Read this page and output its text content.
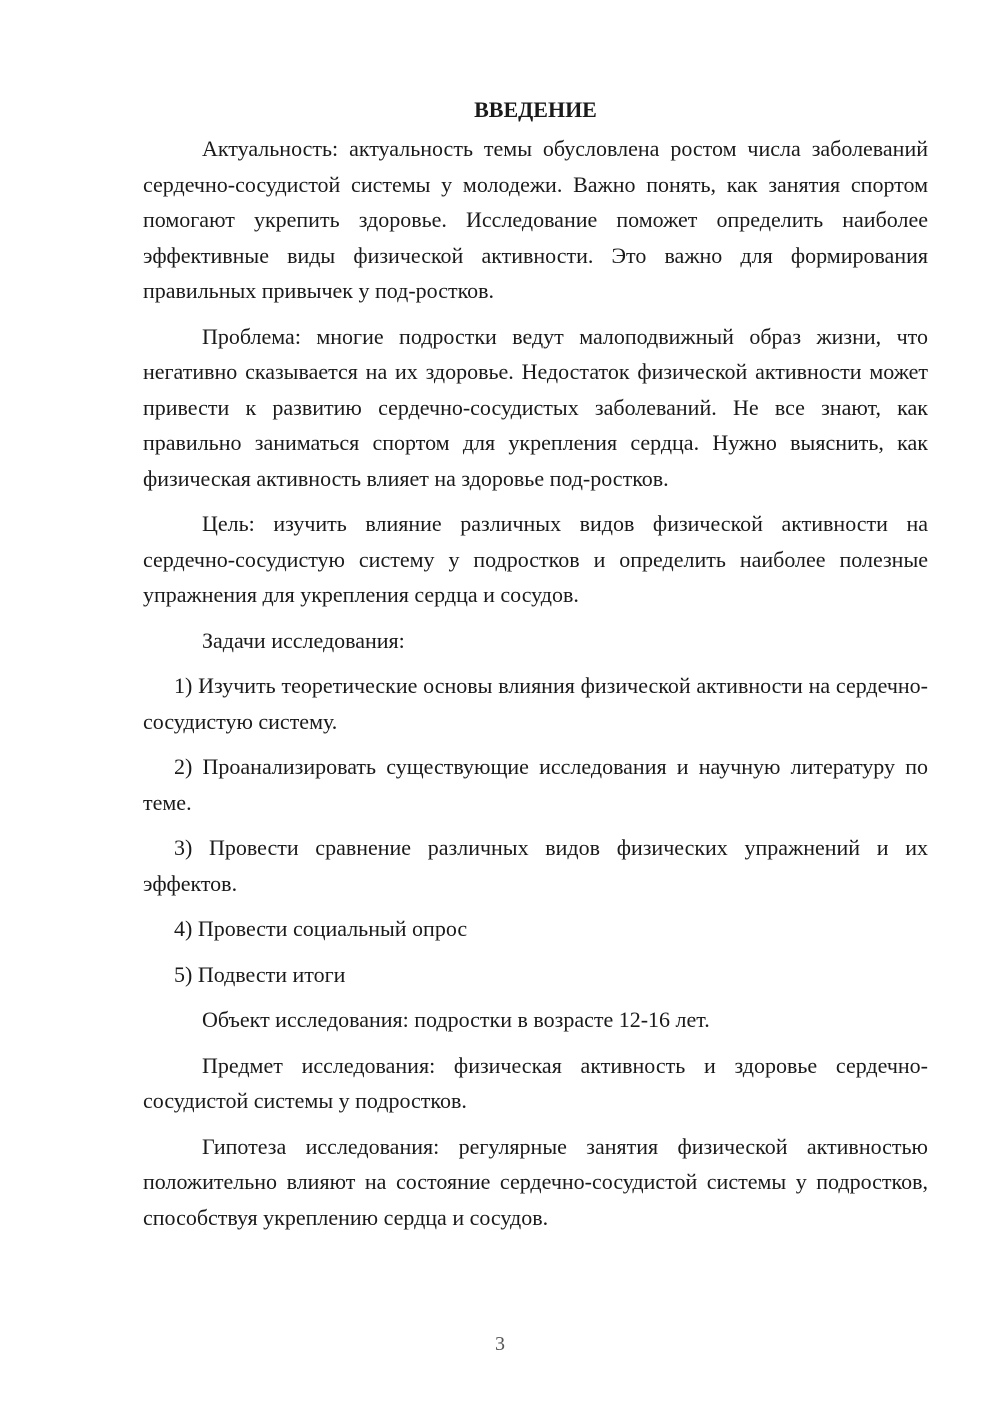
ВВЕДЕНИЕ

Актуальность: актуальность темы обусловлена ростом числа заболеваний сердечно-сосудистой системы у молодежи. Важно понять, как занятия спортом помогают укрепить здоровье. Исследование поможет определить наиболее эффективные виды физической активности. Это важно для формирования правильных привычек у под-ростков.

Проблема: многие подростки ведут малоподвижный образ жизни, что негативно сказывается на их здоровье. Недостаток физической активности может привести к развитию сердечно-сосудистых заболеваний. Не все знают, как правильно заниматься спортом для укрепления сердца. Нужно выяснить, как физическая активность влияет на здоровье под-ростков.

Цель: изучить влияние различных видов физической активности на сердечно-сосудистую систему у подростков и определить наиболее полезные упражнения для укрепления сердца и сосудов.

Задачи исследования:

1) Изучить теоретические основы влияния физической активности на сердечно-сосудистую систему.

2) Проанализировать существующие исследования и научную литературу по теме.

3) Провести сравнение различных видов физических упражнений и их эффектов.

4) Провести социальный опрос

5) Подвести итоги

Объект исследования: подростки в возрасте 12-16 лет.

Предмет исследования: физическая активность и здоровье сердечно-сосудистой системы у подростков.

Гипотеза исследования: регулярные занятия физической активностью положительно влияют на состояние сердечно-сосудистой системы у подростков, способствуя укреплению сердца и сосудов.

3
